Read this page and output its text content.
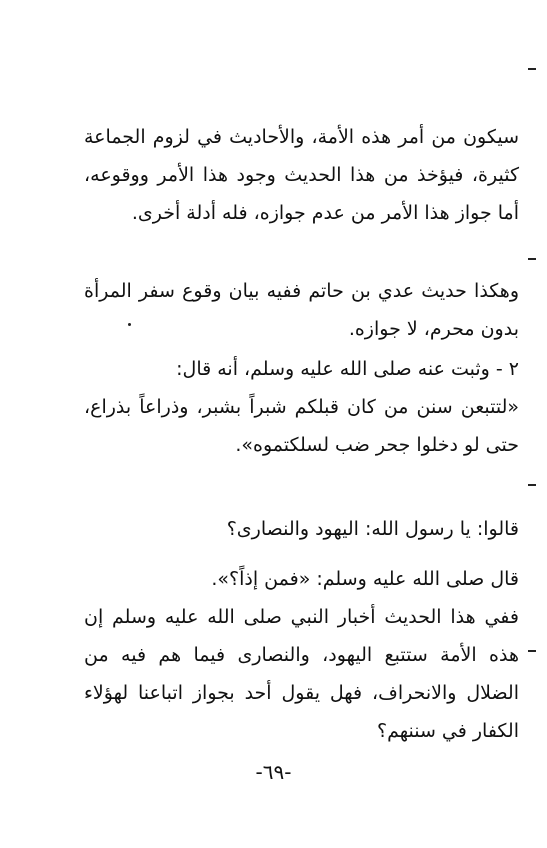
سيكون من أمر هذه الأمة، والأحاديث في لزوم الجماعة كثيرة، فيؤخذ من هذا الحديث وجود هذا الأمر ووقوعه، أما جواز هذا الأمر من عدم جوازه، فله أدلة أخرى.

وهكذا حديث عدي بن حاتم ففيه بيان وقوع سفر المرأة بدون محرم، لا جوازه.

٢ - وثبت عنه صلى الله عليه وسلم، أنه قال:

«لتتبعن سنن من كان قبلكم شبراً بشبر، وذراعاً بذراع، حتى لو دخلوا جحر ضب لسلكتموه».

قالوا: يا رسول الله: اليهود والنصارى؟

قال صلى الله عليه وسلم: «فمن إذاً؟».

ففي هذا الحديث أخبار النبي صلى الله عليه وسلم إن هذه الأمة ستتبع اليهود، والنصارى فيما هم فيه من الضلال والانحراف، فهل يقول أحد بجواز اتباعنا لهؤلاء الكفار في سننهم؟

-٦٩-
